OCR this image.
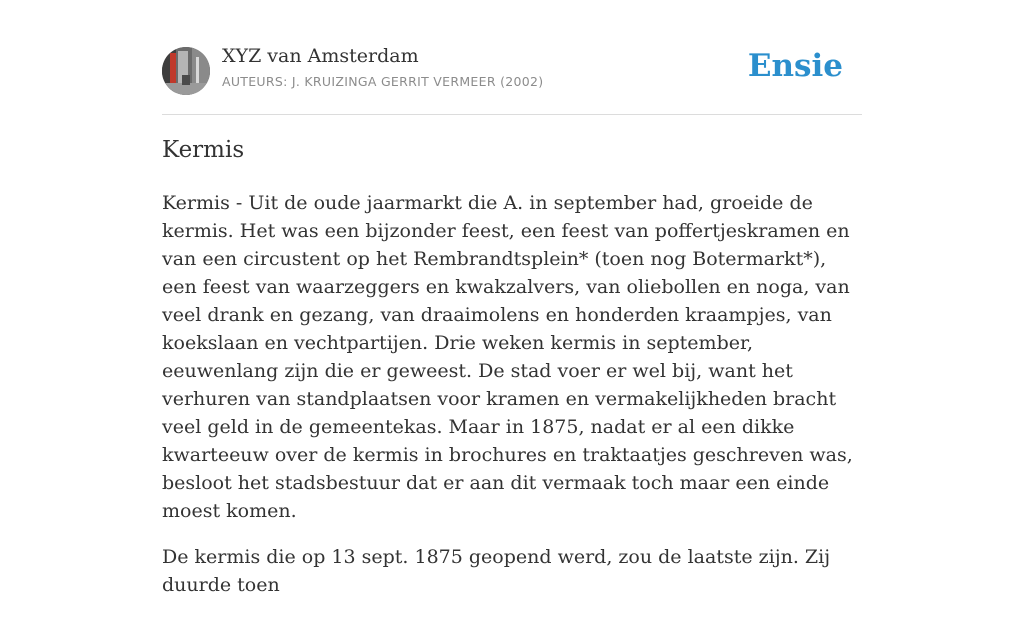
XYZ van Amsterdam
AUTEURS: J. KRUIZINGA GERRIT VERMEER (2002)	Ensie
Kermis

Kermis - Uit de oude jaarmarkt die A. in september had, groeide de kermis. Het was een bijzonder feest, een feest van poffertjeskramen en van een circustent op het Rembrandtsplein* (toen nog Botermarkt*), een feest van waarzeggers en kwakzalvers, van oliebollen en noga, van veel drank en gezang, van draaimolens en honderden kraampjes, van koekslaan en vechtpartijen. Drie weken kermis in september, eeuwenlang zijn die er geweest. De stad voer er wel bij, want het verhuren van standplaatsen voor kramen en vermakelijkheden bracht veel geld in de gemeentekas. Maar in 1875, nadat er al een dikke kwarteeuw over de kermis in brochures en traktaatjes geschreven was, besloot het stadsbestuur dat er aan dit vermaak toch maar een einde moest komen.

De kermis die op 13 sept. 1875 geopend werd, zou de laatste zijn. Zij duurde toen
